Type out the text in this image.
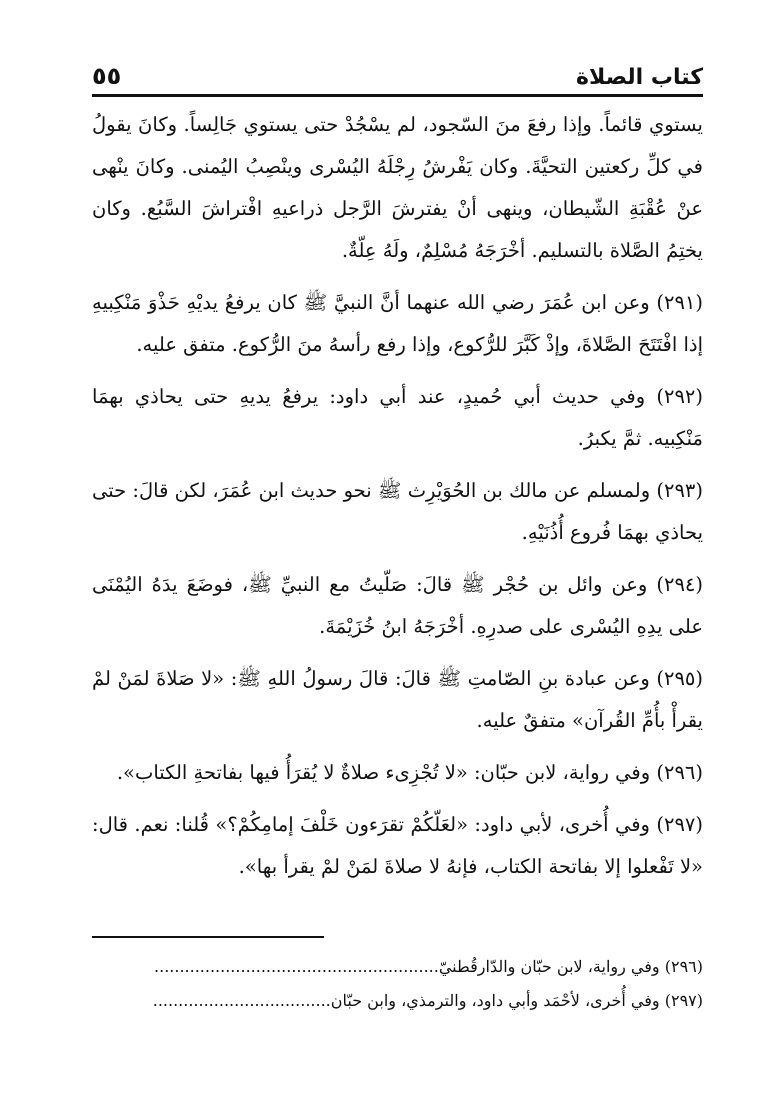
٥٥	كتاب الصلاة

يستوي قائماً. وإذا رفعَ منَ السّجود، لم يسْجُدْ حتى يستوي جَالِساً. وكانَ يقولُ في كلِّ ركعتين التحيَّةَ. وكان يَفْرشُ رِجْلَهُ اليُسْرى وينْصِبُ اليُمنى. وكانَ ينْهى عنْ عُقْبَةِ الشّيطان، وينهى أنْ يفترشَ الرَّجل ذراعيهِ افْتراشَ السَّبُع. وكان يختِمُ الصَّلاة بالتسليم. أخْرَجَهُ مُسْلِمٌ، ولَهُ عِلّةٌ.

(٢٩١) وعن ابن عُمَرَ رضي الله عنهما أنَّ النبيَّ ﷺ كان يرفعُ يديْهِ حَذْوَ مَنْكِبيهِ إذا افْتَتَحَ الصَّلاةَ، وإذْ كَبَّرَ للرُّكوع، وإذا رفع رأسهُ منَ الرُّكوع. متفق عليه.

(٢٩٢) وفي حديث أبي حُميدٍ، عند أبي داود: يرفعُ يديهِ حتى يحاذي بهمَا مَنْكِبيه. ثمَّ يكبرُ.

(٢٩٣) ولمسلم عن مالك بن الحُوَيْرِث ﷺ نحو حديث ابن عُمَرَ، لكن قالَ: حتى يحاذي بهمَا فُروع أُذُنَيْهِ.

(٢٩٤) وعن وائل بن حُجْر ﷺ قالَ: صَلّيتُ مع النبيِّ ﷺ، فوضَعَ يدَهُ اليُمْنَى على يدِهِ اليُسْرى على صدرِهِ. أخْرَجَهُ ابنُ خُزَيْمَةَ.

(٢٩٥) وعن عبادة بنِ الصّامتِ ﷺ قالَ: قالَ رسولُ اللهِ ﷺ: «لا صَلاةَ لمَنْ لمْ يقرأْ بأُمِّ القُرآن» متفقٌ عليه.

(٢٩٦) وفي رواية، لابن حبّان: «لا تُجْزِىء صلاةٌ لا يُقرَأُ فيها بفاتحةِ الكتاب».

(٢٩٧) وفي أُخرى، لأبي داود: «لعَلّكُمْ تقرَءون خَلْفَ إمامِكُمْ؟» قُلنا: نعم. قال: «لا تَفْعلوا إلا بفاتحة الكتاب، فإنهُ لا صلاةَ لمَنْ لمْ يقرأ بها».

(٢٩٦) وفي رواية، لابن حبّان والدّارقُطنيّ........................................................
(٢٩٧) وفي أُخرى، لأحْمَد وأبي داود، والترمذي، وابن حبّان...................................
